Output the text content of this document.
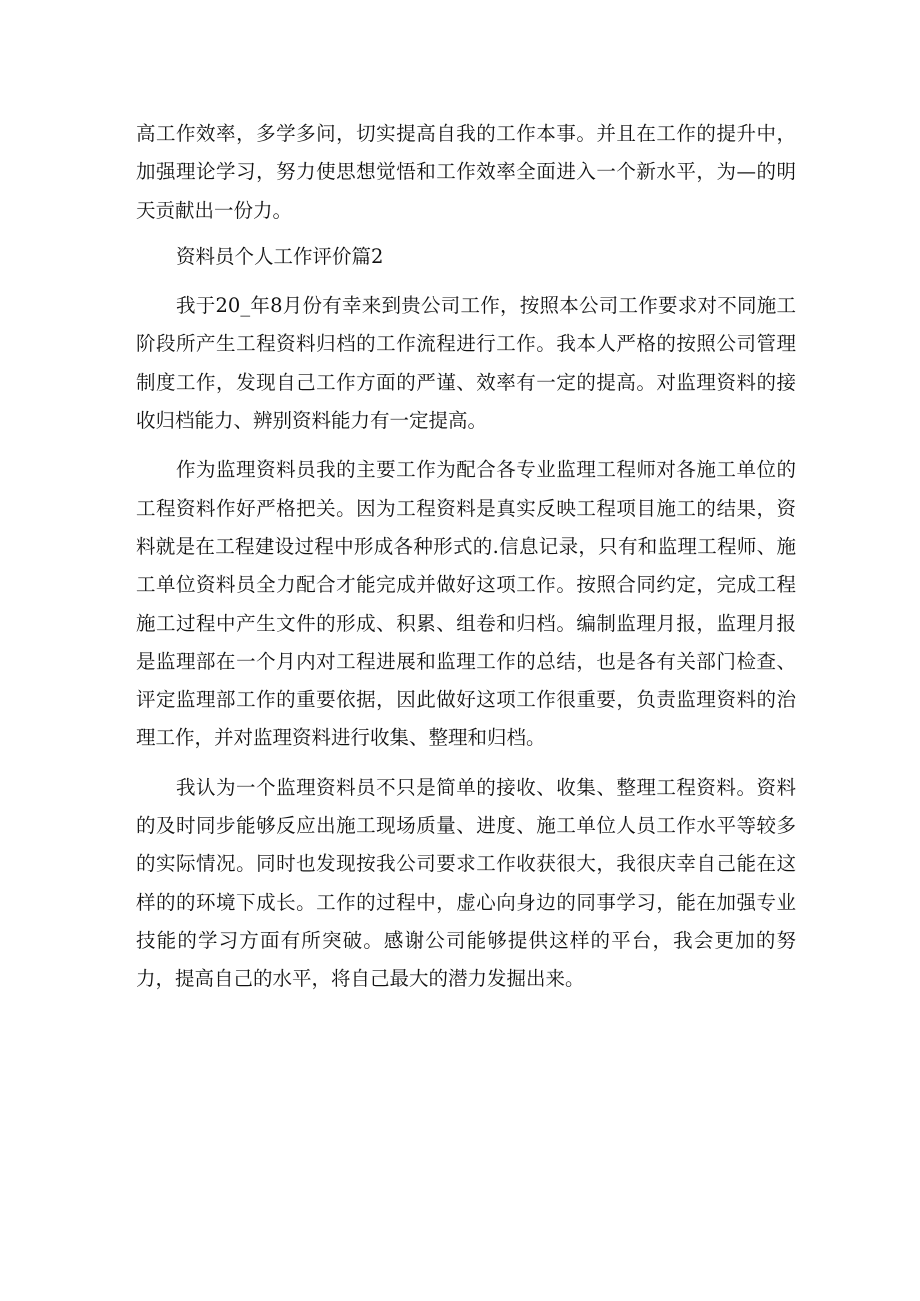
高工作效率，多学多问，切实提高自我的工作本事。并且在工作的提升中，加强理论学习，努力使思想觉悟和工作效率全面进入一个新水平，为—的明天贡献出一份力。

资料员个人工作评价篇2

我于20_年8月份有幸来到贵公司工作，按照本公司工作要求对不同施工阶段所产生工程资料归档的工作流程进行工作。我本人严格的按照公司管理制度工作，发现自己工作方面的严谨、效率有一定的提高。对监理资料的接收归档能力、辨别资料能力有一定提高。

作为监理资料员我的主要工作为配合各专业监理工程师对各施工单位的工程资料作好严格把关。因为工程资料是真实反映工程项目施工的结果，资料就是在工程建设过程中形成各种形式的.信息记录，只有和监理工程师、施工单位资料员全力配合才能完成并做好这项工作。按照合同约定，完成工程施工过程中产生文件的形成、积累、组卷和归档。编制监理月报，监理月报是监理部在一个月内对工程进展和监理工作的总结，也是各有关部门检查、评定监理部工作的重要依据，因此做好这项工作很重要，负责监理资料的治理工作，并对监理资料进行收集、整理和归档。

我认为一个监理资料员不只是简单的接收、收集、整理工程资料。资料的及时同步能够反应出施工现场质量、进度、施工单位人员工作水平等较多的实际情况。同时也发现按我公司要求工作收获很大，我很庆幸自己能在这样的的环境下成长。工作的过程中，虚心向身边的同事学习，能在加强专业技能的学习方面有所突破。感谢公司能够提供这样的平台，我会更加的努力，提高自己的水平，将自己最大的潜力发掘出来。
